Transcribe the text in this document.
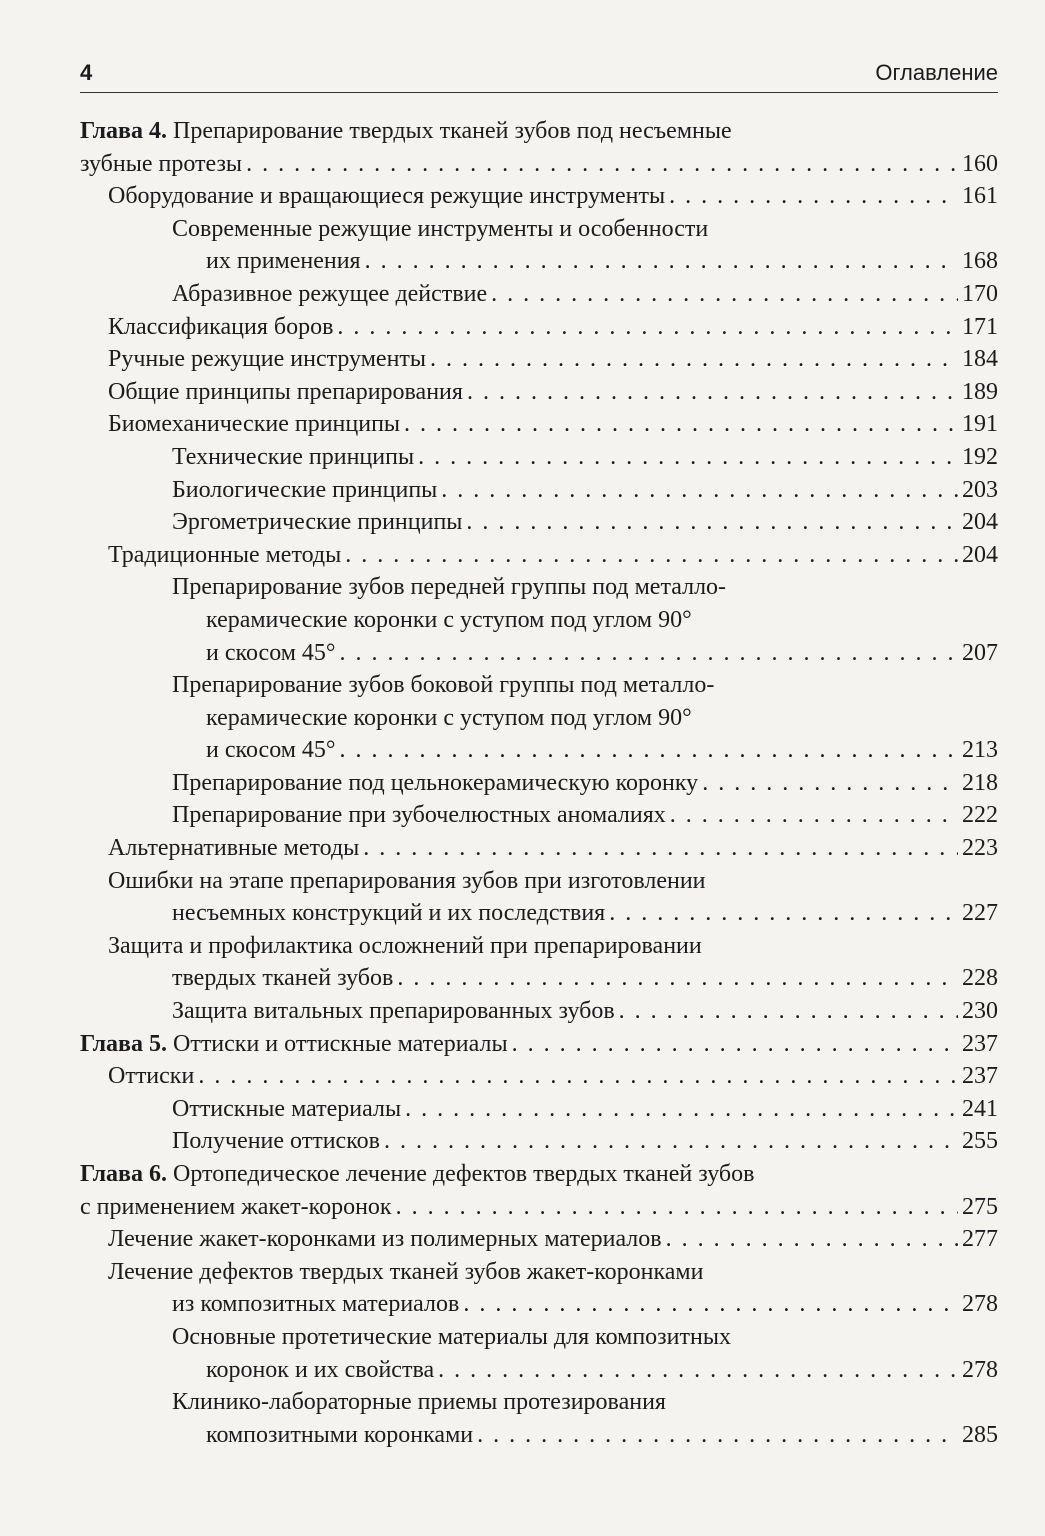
4	Оглавление
Глава 4. Препарирование твердых тканей зубов под несъемные
зубные протезы . . .	160
Оборудование и вращающиеся режущие инструменты . . .	161
Современные режущие инструменты и особенности
их применения . . .	168
Абразивное режущее действие . . .	170
Классификация боров . . .	171
Ручные режущие инструменты . . .	184
Общие принципы препарирования . . .	189
Биомеханические принципы . . .	191
Технические принципы . . .	192
Биологические принципы . . .	203
Эргометрические принципы . . .	204
Традиционные методы . . .	204
Препарирование зубов передней группы под металло-
керамические коронки с уступом под углом 90°
и скосом 45° . . .	207
Препарирование зубов боковой группы под металло-
керамические коронки с уступом под углом 90°
и скосом 45° . . .	213
Препарирование под цельнокерамическую коронку . . .	218
Препарирование при зубочелюстных аномалиях . . .	222
Альтернативные методы . . .	223
Ошибки на этапе препарирования зубов при изготовлении
несъемных конструкций и их последствия . . .	227
Защита и профилактика осложнений при препарировании
твердых тканей зубов . . .	228
Защита витальных препарированных зубов . . .	230
Глава 5. Оттиски и оттискные материалы . . .	237
Оттиски . . .	237
Оттискные материалы . . .	241
Получение оттисков . . .	255
Глава 6. Ортопедическое лечение дефектов твердых тканей зубов
с применением жакет-коронок . . .	275
Лечение жакет-коронками из полимерных материалов . . .	277
Лечение дефектов твердых тканей зубов жакет-коронками
из композитных материалов . . .	278
Основные протетические материалы для композитных
коронок и их свойства . . .	278
Клинико-лабораторные приемы протезирования
композитными коронками . . .	285
